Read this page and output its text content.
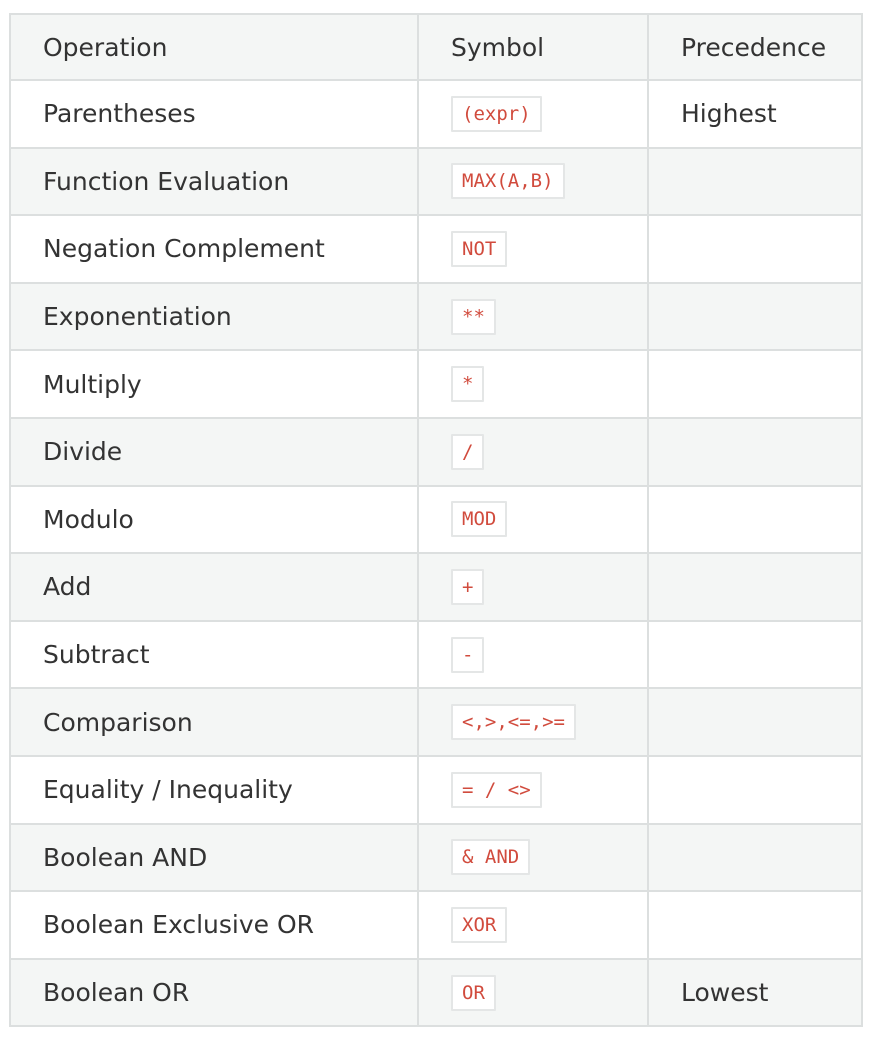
Operation	Symbol	Precedence
Parentheses	(expr)	Highest
Function Evaluation	MAX(A,B)	
Negation Complement	NOT	
Exponentiation	**	
Multiply	*	
Divide	/	
Modulo	MOD	
Add	+	
Subtract	-	
Comparison	<,>,<=,>=	
Equality / Inequality	= / <>	
Boolean AND	& AND	
Boolean Exclusive OR	XOR	
Boolean OR	OR	Lowest
